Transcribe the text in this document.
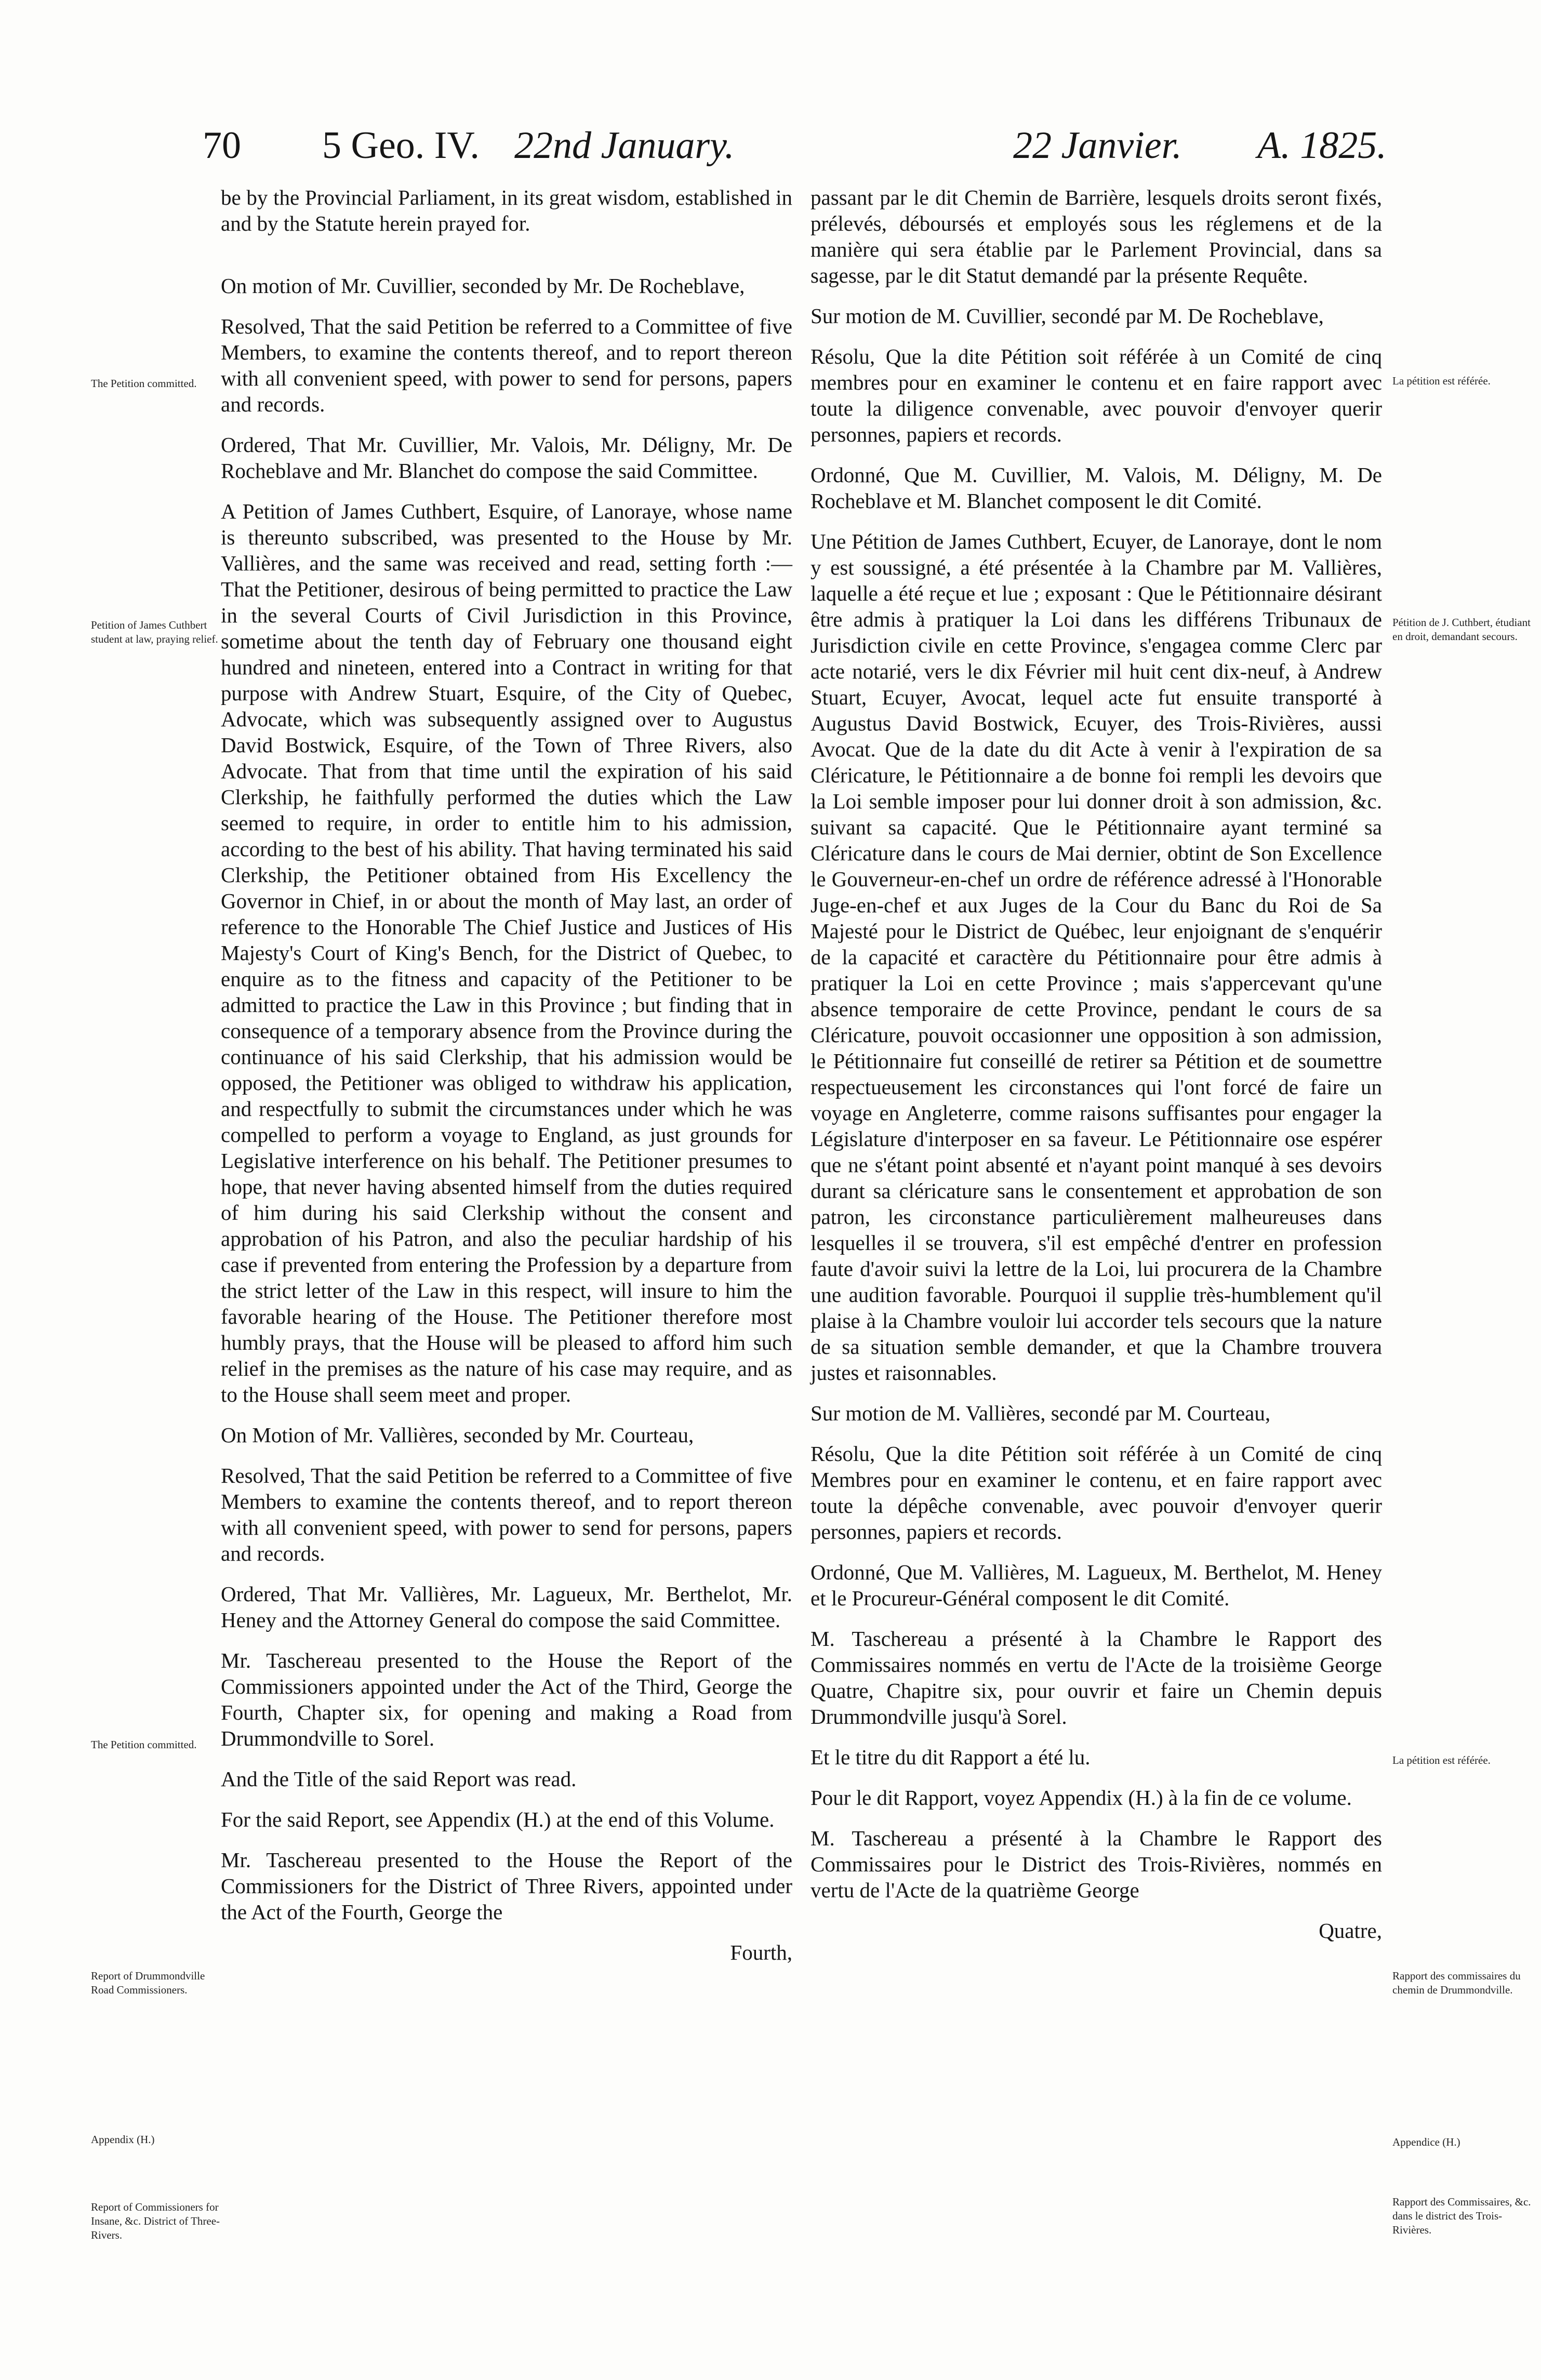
70 5 Geo. IV. 22nd January.	22 Janvier. A. 1825.

be by the Provincial Parliament, in its great wisdom, established in and by the Statute herein prayed for.

On motion of Mr. Cuvillier, seconded by Mr. De Rocheblave,

Resolved, That the said Petition be referred to a Committee of five Members, to examine the contents thereof, and to report thereon with all convenient speed, with power to send for persons, papers and records.

Ordered, That Mr. Cuvillier, Mr. Valois, Mr. Déligny, Mr. De Rocheblave and Mr. Blanchet do compose the said Committee.

A Petition of James Cuthbert, Esquire, of Lanoraye, whose name is thereunto subscribed, was presented to the House by Mr. Vallières, and the same was received and read, setting forth :—That the Petitioner, desirous of being permitted to practice the Law in the several Courts of Civil Jurisdiction in this Province, sometime about the tenth day of February one thousand eight hundred and nineteen, entered into a Contract in writing for that purpose with Andrew Stuart, Esquire, of the City of Quebec, Advocate, which was subsequently assigned over to Augustus David Bostwick, Esquire, of the Town of Three Rivers, also Advocate. That from that time until the expiration of his said Clerkship, he faithfully performed the duties which the Law seemed to require, in order to entitle him to his admission, according to the best of his ability. That having terminated his said Clerkship, the Petitioner obtained from His Excellency the Governor in Chief, in or about the month of May last, an order of reference to the Honorable The Chief Justice and Justices of His Majesty's Court of King's Bench, for the District of Quebec, to enquire as to the fitness and capacity of the Petitioner to be admitted to practice the Law in this Province ; but finding that in consequence of a temporary absence from the Province during the continuance of his said Clerkship, that his admission would be opposed, the Petitioner was obliged to withdraw his application, and respectfully to submit the circumstances under which he was compelled to perform a voyage to England, as just grounds for Legislative interference on his behalf. The Petitioner presumes to hope, that never having absented himself from the duties required of him during his said Clerkship without the consent and approbation of his Patron, and also the peculiar hardship of his case if prevented from entering the Profession by a departure from the strict letter of the Law in this respect, will insure to him the favorable hearing of the House. The Petitioner therefore most humbly prays, that the House will be pleased to afford him such relief in the premises as the nature of his case may require, and as to the House shall seem meet and proper.

On Motion of Mr. Vallières, seconded by Mr. Courteau,

Resolved, That the said Petition be referred to a Committee of five Members to examine the contents thereof, and to report thereon with all convenient speed, with power to send for persons, papers and records.

Ordered, That Mr. Vallières, Mr. Lagueux, Mr. Berthelot, Mr. Heney and the Attorney General do compose the said Committee.

Mr. Taschereau presented to the House the Report of the Commissioners appointed under the Act of the Third, George the Fourth, Chapter six, for opening and making a Road from Drummondville to Sorel.

And the Title of the said Report was read.

For the said Report, see Appendix (H.) at the end of this Volume.

Mr. Taschereau presented to the House the Report of the Commissioners for the District of Three Rivers, appointed under the Act of the Fourth, George the

Fourth,

passant par le dit Chemin de Barrière, lesquels droits seront fixés, prélevés, déboursés et employés sous les réglemens et de la manière qui sera établie par le Parlement Provincial, dans sa sagesse, par le dit Statut demandé par la présente Requête.

Sur motion de M. Cuvillier, secondé par M. De Rocheblave,

Résolu, Que la dite Pétition soit référée à un Comité de cinq membres pour en examiner le contenu et en faire rapport avec toute la diligence convenable, avec pouvoir d'envoyer querir personnes, papiers et records.

Ordonné, Que M. Cuvillier, M. Valois, M. Déligny, M. De Rocheblave et M. Blanchet composent le dit Comité.

Une Pétition de James Cuthbert, Ecuyer, de Lanoraye, dont le nom y est soussigné, a été présentée à la Chambre par M. Vallières, laquelle a été reçue et lue ; exposant : Que le Pétitionnaire désirant être admis à pratiquer la Loi dans les différens Tribunaux de Jurisdiction civile en cette Province, s'engagea comme Clerc par acte notarié, vers le dix Février mil huit cent dix-neuf, à Andrew Stuart, Ecuyer, Avocat, lequel acte fut ensuite transporté à Augustus David Bostwick, Ecuyer, des Trois-Rivières, aussi Avocat. Que de la date du dit Acte à venir à l'expiration de sa Cléricature, le Pétitionnaire a de bonne foi rempli les devoirs que la Loi semble imposer pour lui donner droit à son admission, &c. suivant sa capacité. Que le Pétitionnaire ayant terminé sa Cléricature dans le cours de Mai dernier, obtint de Son Excellence le Gouverneur-en-chef un ordre de référence adressé à l'Honorable Juge-en-chef et aux Juges de la Cour du Banc du Roi de Sa Majesté pour le District de Québec, leur enjoignant de s'enquérir de la capacité et caractère du Pétitionnaire pour être admis à pratiquer la Loi en cette Province ; mais s'appercevant qu'une absence temporaire de cette Province, pendant le cours de sa Cléricature, pouvoit occasionner une opposition à son admission, le Pétitionnaire fut conseillé de retirer sa Pétition et de soumettre respectueusement les circonstances qui l'ont forcé de faire un voyage en Angleterre, comme raisons suffisantes pour engager la Législature d'interposer en sa faveur. Le Pétitionnaire ose espérer que ne s'étant point absenté et n'ayant point manqué à ses devoirs durant sa cléricature sans le consentement et approbation de son patron, les circonstance particulièrement malheureuses dans lesquelles il se trouvera, s'il est empêché d'entrer en profession faute d'avoir suivi la lettre de la Loi, lui procurera de la Chambre une audition favorable. Pourquoi il supplie très-humblement qu'il plaise à la Chambre vouloir lui accorder tels secours que la nature de sa situation semble demander, et que la Chambre trouvera justes et raisonnables.

Sur motion de M. Vallières, secondé par M. Courteau,

Résolu, Que la dite Pétition soit référée à un Comité de cinq Membres pour en examiner le contenu, et en faire rapport avec toute la dépêche convenable, avec pouvoir d'envoyer querir personnes, papiers et records.

Ordonné, Que M. Vallières, M. Lagueux, M. Berthelot, M. Heney et le Procureur-Général composent le dit Comité.

M. Taschereau a présenté à la Chambre le Rapport des Commissaires nommés en vertu de l'Acte de la troisième George Quatre, Chapitre six, pour ouvrir et faire un Chemin depuis Drummondville jusqu'à Sorel.

Et le titre du dit Rapport a été lu.

Pour le dit Rapport, voyez Appendix (H.) à la fin de ce volume.

M. Taschereau a présenté à la Chambre le Rapport des Commissaires pour le District des Trois-Rivières, nommés en vertu de l'Acte de la quatrième George

Quatre,

The Petition committed.
Petition of James Cuthbert student at law, praying relief.
The Petition committed.
Report of Drummondville Road Commissioners.
Appendix (H.)
Report of Commissioners for Insane, &c. District of Three-Rivers.
La pétition est référée.
Pétition de J. Cuthbert, étudiant en droit, demandant secours.
La pétition est référée.
Rapport des commissaires du chemin de Drummondville.
Appendice (H.)
Rapport des Commissaires, &c. dans le district des Trois-Rivières.
